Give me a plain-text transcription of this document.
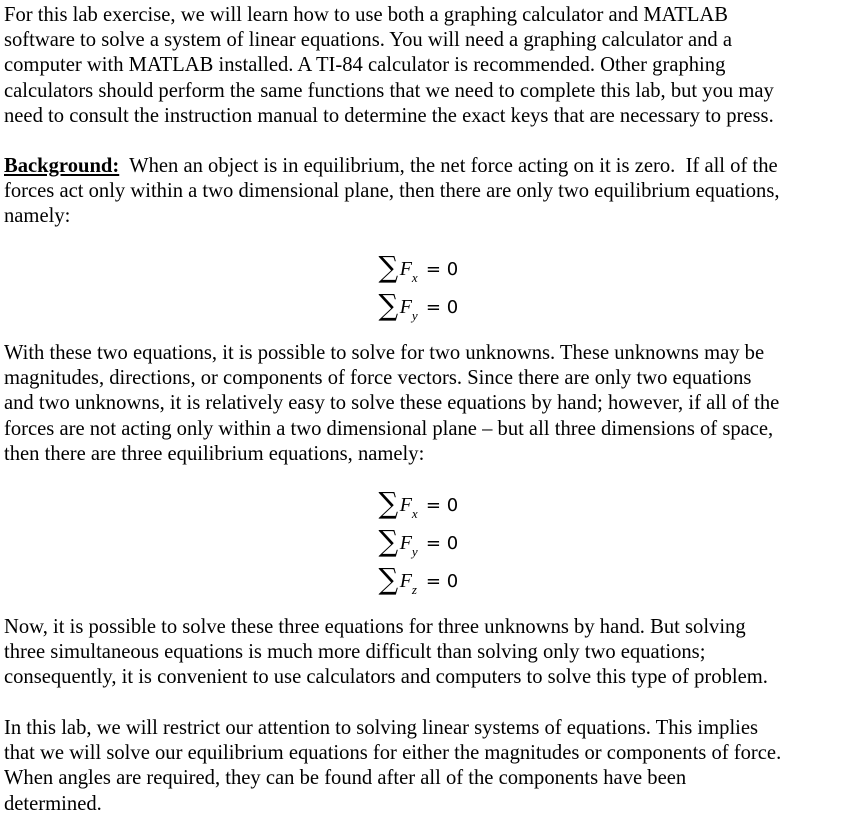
For this lab exercise, we will learn how to use both a graphing calculator and MATLAB
software to solve a system of linear equations. You will need a graphing calculator and a
computer with MATLAB installed. A TI-84 calculator is recommended. Other graphing
calculators should perform the same functions that we need to complete this lab, but you may
need to consult the instruction manual to determine the exact keys that are necessary to press.

Background:  When an object is in equilibrium, the net force acting on it is zero.  If all of the
forces act only within a two dimensional plane, then there are only two equilibrium equations,
namely:

∑Fx = 0
∑Fy = 0

With these two equations, it is possible to solve for two unknowns. These unknowns may be
magnitudes, directions, or components of force vectors. Since there are only two equations
and two unknowns, it is relatively easy to solve these equations by hand; however, if all of the
forces are not acting only within a two dimensional plane – but all three dimensions of space,
then there are three equilibrium equations, namely:

∑Fx = 0
∑Fy = 0
∑Fz = 0

Now, it is possible to solve these three equations for three unknowns by hand. But solving
three simultaneous equations is much more difficult than solving only two equations;
consequently, it is convenient to use calculators and computers to solve this type of problem.

In this lab, we will restrict our attention to solving linear systems of equations. This implies
that we will solve our equilibrium equations for either the magnitudes or components of force.
When angles are required, they can be found after all of the components have been
determined.
